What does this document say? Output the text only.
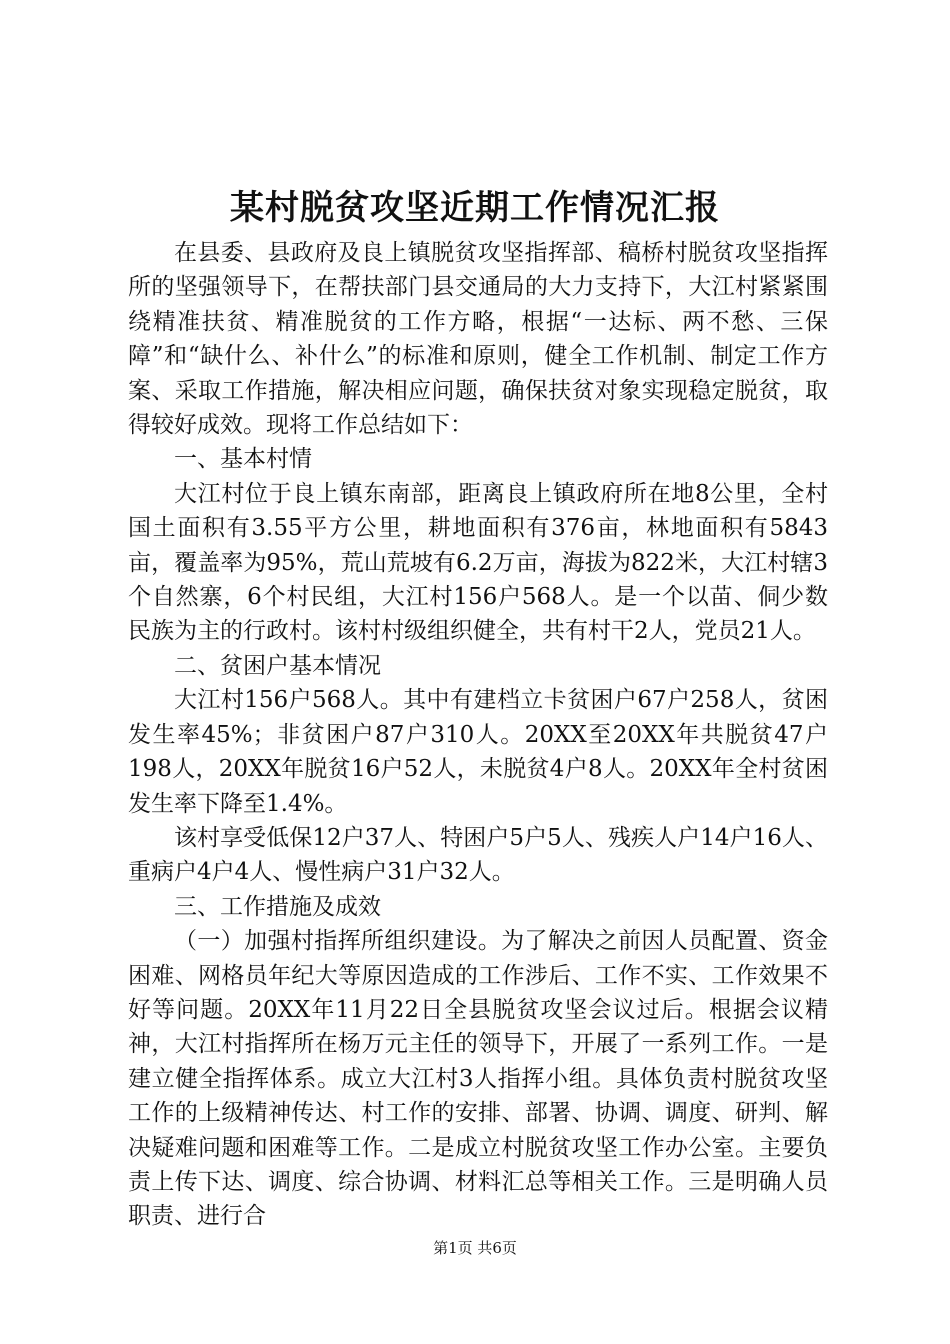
某村脱贫攻坚近期工作情况汇报

在县委、县政府及良上镇脱贫攻坚指挥部、稿桥村脱贫攻坚指挥所的坚强领导下，在帮扶部门县交通局的大力支持下，大江村紧紧围绕精准扶贫、精准脱贫的工作方略，根据“一达标、两不愁、三保障”和“缺什么、补什么”的标准和原则，健全工作机制、制定工作方案、采取工作措施，解决相应问题，确保扶贫对象实现稳定脱贫，取得较好成效。现将工作总结如下：

一、基本村情

大江村位于良上镇东南部，距离良上镇政府所在地8公里，全村国土面积有3.55平方公里，耕地面积有376亩，林地面积有5843亩，覆盖率为95%，荒山荒坡有6.2万亩，海拔为822米，大江村辖3个自然寨，6个村民组，大江村156户568人。是一个以苗、侗少数民族为主的行政村。该村村级组织健全，共有村干2人，党员21人。

二、贫困户基本情况

大江村156户568人。其中有建档立卡贫困户67户258人，贫困发生率45%；非贫困户87户310人。20XX至20XX年共脱贫47户198人，20XX年脱贫16户52人，未脱贫4户8人。20XX年全村贫困发生率下降至1.4%。

该村享受低保12户37人、特困户5户5人、残疾人户14户16人、重病户4户4人、慢性病户31户32人。

三、工作措施及成效

（一）加强村指挥所组织建设。为了解决之前因人员配置、资金困难、网格员年纪大等原因造成的工作涉后、工作不实、工作效果不好等问题。20XX年11月22日全县脱贫攻坚会议过后。根据会议精神，大江村指挥所在杨万元主任的领导下，开展了一系列工作。一是建立健全指挥体系。成立大江村3人指挥小组。具体负责村脱贫攻坚工作的上级精神传达、村工作的安排、部署、协调、调度、研判、解决疑难问题和困难等工作。二是成立村脱贫攻坚工作办公室。主要负责上传下达、调度、综合协调、材料汇总等相关工作。三是明确人员职责、进行合

第1页 共6页
